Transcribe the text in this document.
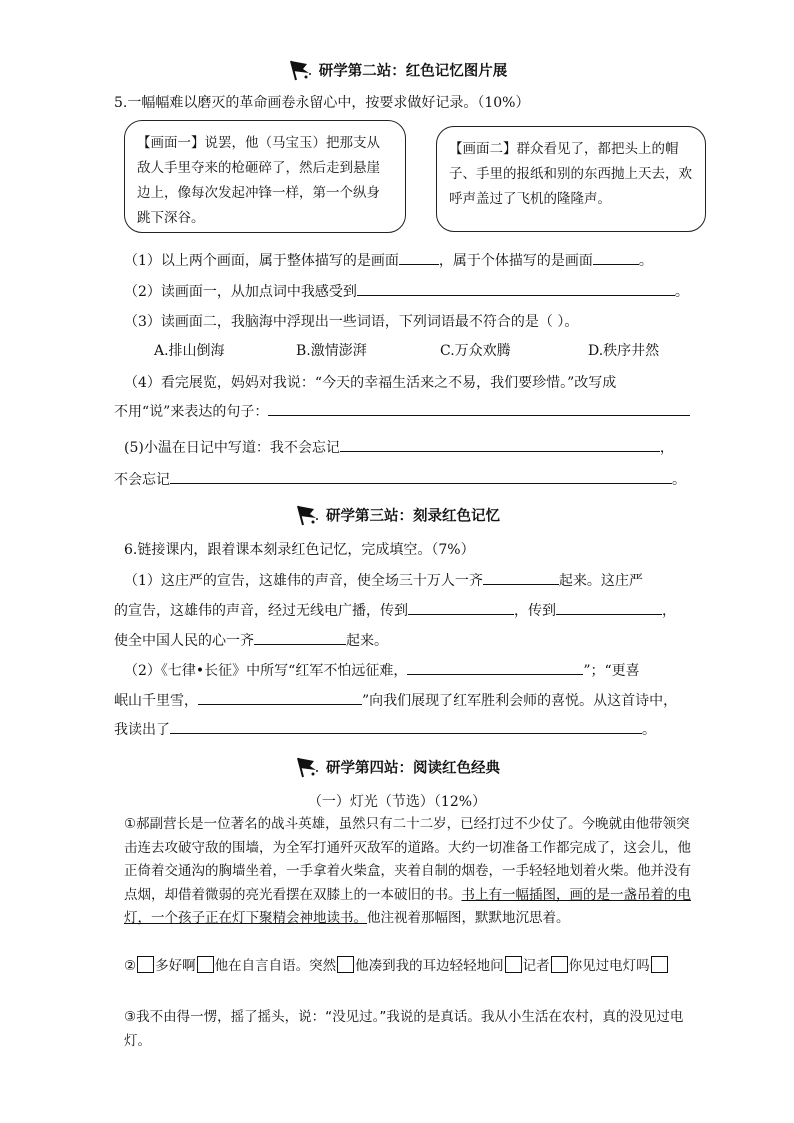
研学第二站：红色记忆图片展
5.一幅幅难以磨灭的革命画卷永留心中，按要求做好记录。（10%）
【画面一】说罢，他（马宝玉）把那支从敌人手里夺来的枪砸碎了，然后走到悬崖边上，像每次发起冲锋一样，第一个纵身跳下深谷。
【画面二】群众看见了，都把头上的帽子、手里的报纸和别的东西抛上天去，欢呼声盖过了飞机的隆隆声。
（1）以上两个画面，属于整体描写的是画面	，属于个体描写的是画面	。
（2）读画面一，从加点词中我感受到	。
（3）读画面二，我脑海中浮现出一些词语，下列词语最不符合的是（ ）。
A.排山倒海	B.激情澎湃	C.万众欢腾	D.秩序井然
（4）看完展览，妈妈对我说：“今天的幸福生活来之不易，我们要珍惜。”改写成
不用“说”来表达的句子：
(5)小温在日记中写道：我不会忘记	，
不会忘记	。
研学第三站：刻录红色记忆
6.链接课内，跟着课本刻录红色记忆，完成填空。（7%）
（1）这庄严的宣告，这雄伟的声音，使全场三十万人一齐	起来。这庄严
的宣告，这雄伟的声音，经过无线电广播，传到	，传到	，
使全中国人民的心一齐	起来。
（2）《七律•长征》中所写“红军不怕远征难，	”；“更喜
岷山千里雪，	”向我们展现了红军胜利会师的喜悦。从这首诗中，
我读出了	。
研学第四站：阅读红色经典
（一）灯光（节选）（12%）
①郝副营长是一位著名的战斗英雄，虽然只有二十二岁，已经打过不少仗了。今晚就由他带领突击连去攻破守敌的围墙，为全军打通歼灭敌军的道路。大约一切准备工作都完成了，这会儿，他正倚着交通沟的胸墙坐着，一手拿着火柴盒，夹着自制的烟卷，一手轻轻地划着火柴。他并没有点烟，却借着微弱的亮光看摆在双膝上的一本破旧的书。书上有一幅插图，画的是一盏吊着的电灯，一个孩子正在灯下聚精会神地读书。他注视着那幅图，默默地沉思着。
② 多好啊 他在自言自语。突然 他凑到我的耳边轻轻地问 记者 你见过电灯吗
③我不由得一愣，摇了摇头，说：“没见过。”我说的是真话。我从小生活在农村，真的没见过电灯。
